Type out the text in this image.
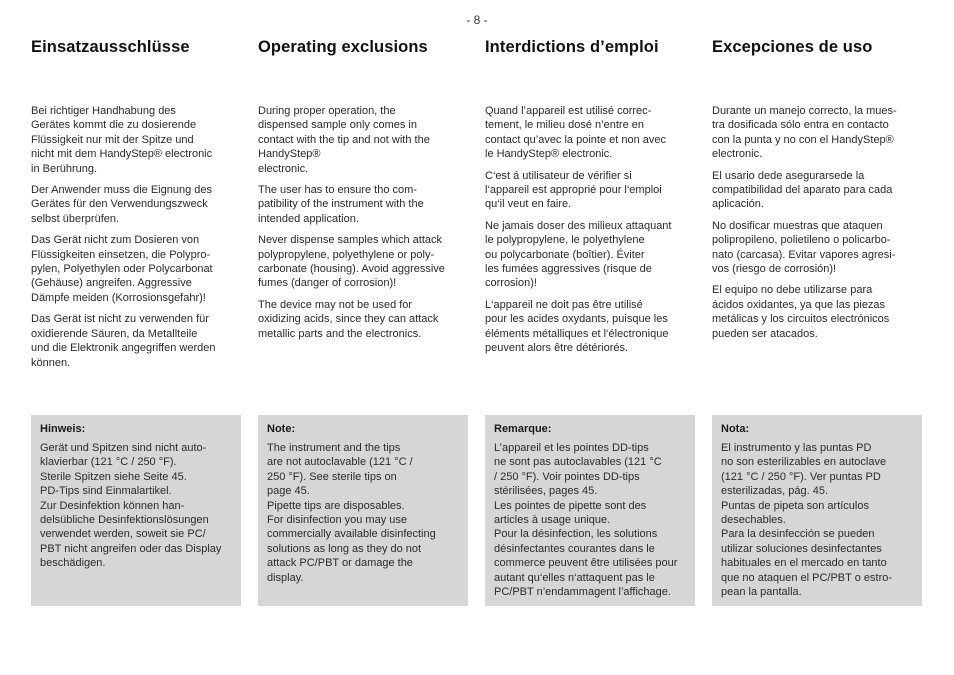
- 8 -
Einsatzausschlüsse

Bei richtiger Handhabung des
Gerätes kommt die zu dosierende
Flüssigkeit nur mit der Spitze und
nicht mit dem HandyStep® electronic
in Berührung.

Der Anwender muss die Eignung des
Gerätes für den Verwendungszweck
selbst überprüfen.

Das Gerät nicht zum Dosieren von
Flüssigkeiten einsetzen, die Polypro-
pylen, Polyethylen oder Polycarbonat
(Gehäuse) angreifen. Aggressive
Dämpfe meiden (Korrosionsgefahr)!

Das Gerät ist nicht zu verwenden für
oxidierende Säuren, da Metallteile
und die Elektronik angegriffen werden
können.

Hinweis:
Gerät und Spitzen sind nicht auto-
klavierbar (121 °C / 250 °F).
Sterile Spitzen siehe Seite 45.
PD-Tips sind Einmalartikel.
Zur Desinfektion können han-
delsübliche Desinfektionslösungen
verwendet werden, soweit sie PC/
PBT nicht angreifen oder das Display
beschädigen.
Operating exclusions

During proper operation, the
dispensed sample only comes in
contact with the tip and not with the
HandyStep®
electronic.

The user has to ensure tho com-
patibility of the instrument with the
intended application.

Never dispense samples which attack
polypropylene, polyethylene or poly-
carbonate (housing). Avoid aggressive
fumes (danger of corrosion)!

The device may not be used for
oxidizing acids, since they can attack
metallic parts and the electronics.

Note:
The instrument and the tips
are not autoclavable (121 °C /
250 °F). See sterile tips on
page 45.
Pipette tips are disposables.
For disinfection you may use
commercially available disinfecting
solutions as long as they do not
attack PC/PBT or damage the
display.
Interdictions d’emploi

Quand l’appareil est utilisé correc-
tement, le milieu dosé n’entre en
contact qu’avec la pointe et non avec
le HandyStep® electronic.

C‘est á utilisateur de vérifier si
l‘appareil est approprié pour l‘emploi
qu‘il veut en faire.

Ne jamais doser des milieux attaquant
le polypropylene, le polyethylene
ou polycarbonate (boîtier). Éviter
les fumées aggressives (risque de
corrosion)!

L‘appareil ne doit pas être utilisé
pour les acides oxydants, puisque les
éléments métalliques et l‘électronique
peuvent alors être détériorés.

Remarque:
L’appareil et les pointes DD-tips
ne sont pas autoclavables (121 °C
/ 250 °F). Voir pointes DD-tips
stérilisées, pages 45.
Les pointes de pipette sont des
articles à usage unique.
Pour la désinfection, les solutions
désinfectantes courantes dans le
commerce peuvent être utilisées pour
autant qu‘elles n‘attaquent pas le
PC/PBT n’endammagent l’affichage.
Excepciones de uso

Durante un manejo correcto, la mues-
tra dosificada sólo entra en contacto
con la punta y no con el HandyStep®
electronic.

El usario dede asegurarsede la
compatibilidad del aparato para cada
aplicación.

No dosificar muestras que ataquen
polipropileno, polietileno o policarbo-
nato (carcasa). Evitar vapores agresi-
vos (riesgo de corrosión)!

El equipo no debe utilizarse para
ácidos oxidantes, ya que las piezas
metálicas y los circuitos electrónicos
pueden ser atacados.

Nota:
El instrumento y las puntas PD
no son esterilizables en autoclave
(121 °C / 250 °F). Ver puntas PD
esterilizadas, pág. 45.
Puntas de pipeta son artículos
desechables.
Para la desinfección se pueden
utilizar soluciones desinfectantes
habituales en el mercado en tanto
que no ataquen el PC/PBT o estro-
pean la pantalla.
